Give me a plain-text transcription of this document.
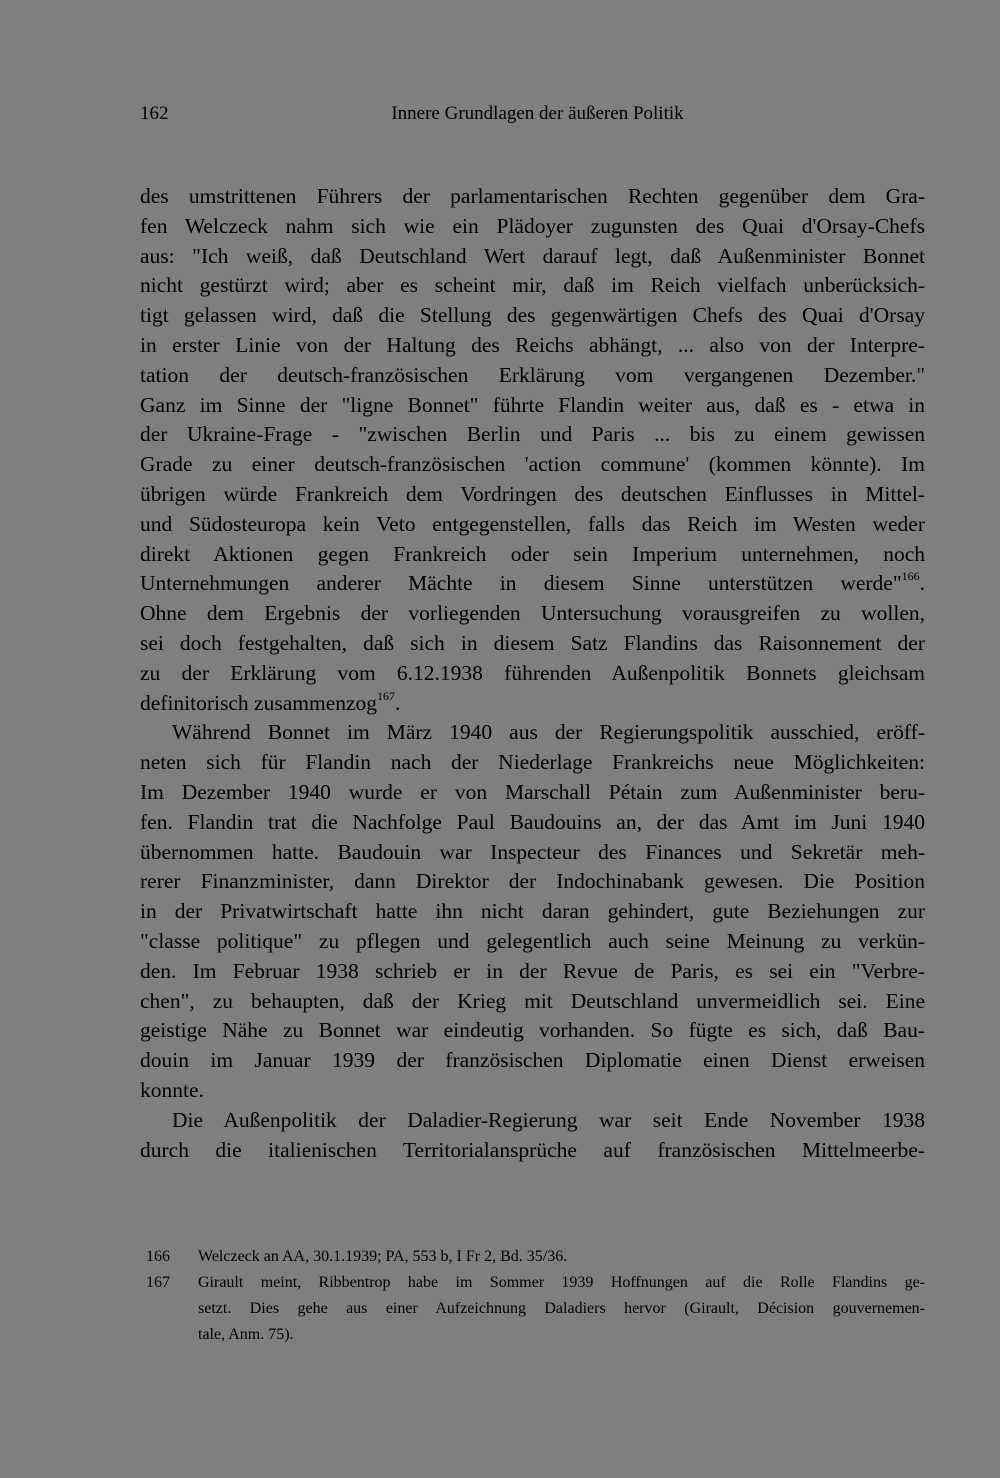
162	Innere Grundlagen der äußeren Politik
des umstrittenen Führers der parlamentarischen Rechten gegenüber dem Gra-
fen Welczeck nahm sich wie ein Plädoyer zugunsten des Quai d'Orsay-Chefs
aus: "Ich weiß, daß Deutschland Wert darauf legt, daß Außenminister Bonnet
nicht gestürzt wird; aber es scheint mir, daß im Reich vielfach unberücksich-
tigt gelassen wird, daß die Stellung des gegenwärtigen Chefs des Quai d'Orsay
in erster Linie von der Haltung des Reichs abhängt, ... also von der Interpre-
tation der deutsch-französischen Erklärung vom vergangenen Dezember."
Ganz im Sinne der "ligne Bonnet" führte Flandin weiter aus, daß es - etwa in
der Ukraine-Frage - "zwischen Berlin und Paris ... bis zu einem gewissen
Grade zu einer deutsch-französischen 'action commune' (kommen könnte). Im
übrigen würde Frankreich dem Vordringen des deutschen Einflusses in Mittel-
und Südosteuropa kein Veto entgegenstellen, falls das Reich im Westen weder
direkt Aktionen gegen Frankreich oder sein Imperium unternehmen, noch
Unternehmungen anderer Mächte in diesem Sinne unterstützen werde"$^{166}$.
Ohne dem Ergebnis der vorliegenden Untersuchung vorausgreifen zu wollen,
sei doch festgehalten, daß sich in diesem Satz Flandins das Raisonnement der
zu der Erklärung vom 6.12.1938 führenden Außenpolitik Bonnets gleichsam
definitorisch zusammenzog$^{167}$.
Während Bonnet im März 1940 aus der Regierungspolitik ausschied, eröff-
neten sich für Flandin nach der Niederlage Frankreichs neue Möglichkeiten:
Im Dezember 1940 wurde er von Marschall Pétain zum Außenminister beru-
fen. Flandin trat die Nachfolge Paul Baudouins an, der das Amt im Juni 1940
übernommen hatte. Baudouin war Inspecteur des Finances und Sekretär meh-
rerer Finanzminister, dann Direktor der Indochinabank gewesen. Die Position
in der Privatwirtschaft hatte ihn nicht daran gehindert, gute Beziehungen zur
"classe politique" zu pflegen und gelegentlich auch seine Meinung zu verkün-
den. Im Februar 1938 schrieb er in der Revue de Paris, es sei ein "Verbre-
chen", zu behaupten, daß der Krieg mit Deutschland unvermeidlich sei. Eine
geistige Nähe zu Bonnet war eindeutig vorhanden. So fügte es sich, daß Bau-
douin im Januar 1939 der französischen Diplomatie einen Dienst erweisen
konnte.
Die Außenpolitik der Daladier-Regierung war seit Ende November 1938
durch die italienischen Territorialansprüche auf französischen Mittelmeerbe-
166 Welczeck an AA, 30.1.1939; PA, 553 b, I Fr 2, Bd. 35/36.
167 Girault meint, Ribbentrop habe im Sommer 1939 Hoffnungen auf die Rolle Flandins ge-
setzt. Dies gehe aus einer Aufzeichnung Daladiers hervor (Girault, Décision gouvernemen-
tale, Anm. 75).
